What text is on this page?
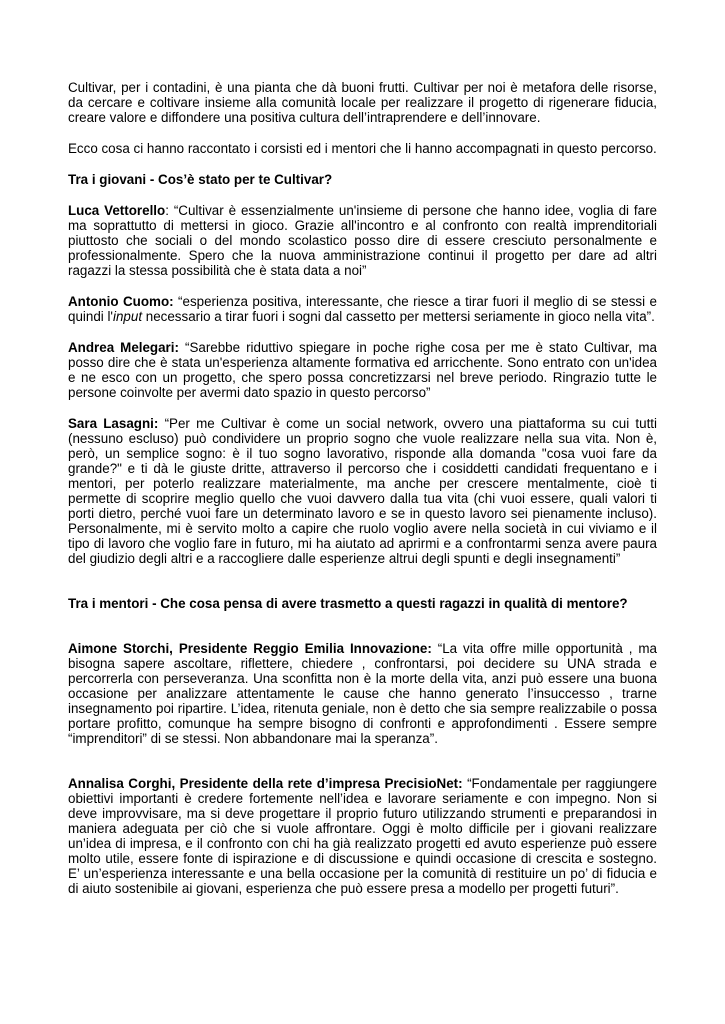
Cultivar, per i contadini, è una pianta che dà buoni frutti. Cultivar per noi è metafora delle risorse, da cercare e coltivare insieme alla comunità locale per realizzare il progetto di rigenerare fiducia, creare valore e diffondere una positiva cultura dell’intraprendere e dell’innovare.

Ecco cosa ci hanno raccontato i corsisti ed i mentori che li hanno accompagnati in questo percorso.

Tra i giovani - Cos’è stato per te Cultivar?

Luca Vettorello: “Cultivar è essenzialmente un'insieme di persone che hanno idee, voglia di fare ma soprattutto di mettersi in gioco. Grazie all'incontro e al confronto con realtà imprenditoriali piuttosto che sociali o del mondo scolastico posso dire di essere cresciuto personalmente e professionalmente. Spero che la nuova amministrazione continui il progetto per dare ad altri ragazzi la stessa possibilità che è stata data a noi”

Antonio Cuomo: “esperienza positiva, interessante, che riesce a tirar fuori il meglio di se stessi e quindi l'input necessario a tirar fuori i sogni dal cassetto per mettersi seriamente in gioco nella vita”.

Andrea Melegari: “Sarebbe riduttivo spiegare in poche righe cosa per me è stato Cultivar, ma posso dire che è stata un'esperienza altamente formativa ed arricchente. Sono entrato con un'idea e ne esco con un progetto, che spero possa concretizzarsi nel breve periodo. Ringrazio tutte le persone coinvolte per avermi dato spazio in questo percorso”

Sara Lasagni: “Per me Cultivar è come un social network, ovvero una piattaforma su cui tutti (nessuno escluso) può condividere un proprio sogno che vuole realizzare nella sua vita. Non è, però, un semplice sogno: è il tuo sogno lavorativo, risponde alla domanda "cosa vuoi fare da grande?" e ti dà le giuste dritte, attraverso il percorso che i cosiddetti candidati frequentano e i mentori, per poterlo realizzare materialmente, ma anche per crescere mentalmente, cioè ti permette di scoprire meglio quello che vuoi davvero dalla tua vita (chi vuoi essere, quali valori ti porti dietro, perché vuoi fare un determinato lavoro e se in questo lavoro sei pienamente incluso). Personalmente, mi è servito molto a capire che ruolo voglio avere nella società in cui viviamo e il tipo di lavoro che voglio fare in futuro, mi ha aiutato ad aprirmi e a confrontarmi senza avere paura del giudizio degli altri e a raccogliere dalle esperienze altrui degli spunti e degli insegnamenti”

Tra i mentori - Che cosa pensa di avere trasmetto a questi ragazzi in qualità di mentore?

Aimone Storchi, Presidente Reggio Emilia Innovazione: “La vita offre mille opportunità , ma bisogna sapere ascoltare, riflettere, chiedere , confrontarsi, poi decidere su UNA strada e percorrerla con perseveranza. Una sconfitta non è la morte della vita, anzi può essere una buona occasione per analizzare attentamente le cause che hanno generato l’insuccesso , trarne insegnamento poi ripartire. L’idea, ritenuta geniale, non è detto che sia sempre realizzabile o possa portare profitto, comunque ha sempre bisogno di confronti e approfondimenti . Essere sempre “imprenditori” di se stessi. Non abbandonare mai la speranza”.

Annalisa Corghi, Presidente della rete d’impresa PrecisioNet: “Fondamentale per raggiungere obiettivi importanti è credere fortemente nell’idea e lavorare seriamente e con impegno. Non si deve improvvisare, ma si deve progettare il proprio futuro utilizzando strumenti e preparandosi in maniera adeguata per ciò che si vuole affrontare. Oggi è molto difficile per i giovani realizzare un’idea di impresa, e il confronto con chi ha già realizzato progetti ed avuto esperienze può essere molto utile, essere fonte di ispirazione e di discussione e quindi occasione di crescita e sostegno. E’ un’esperienza interessante e una bella occasione per la comunità di restituire un po’ di fiducia e di aiuto sostenibile ai giovani, esperienza che può essere presa a modello per progetti futuri”.
